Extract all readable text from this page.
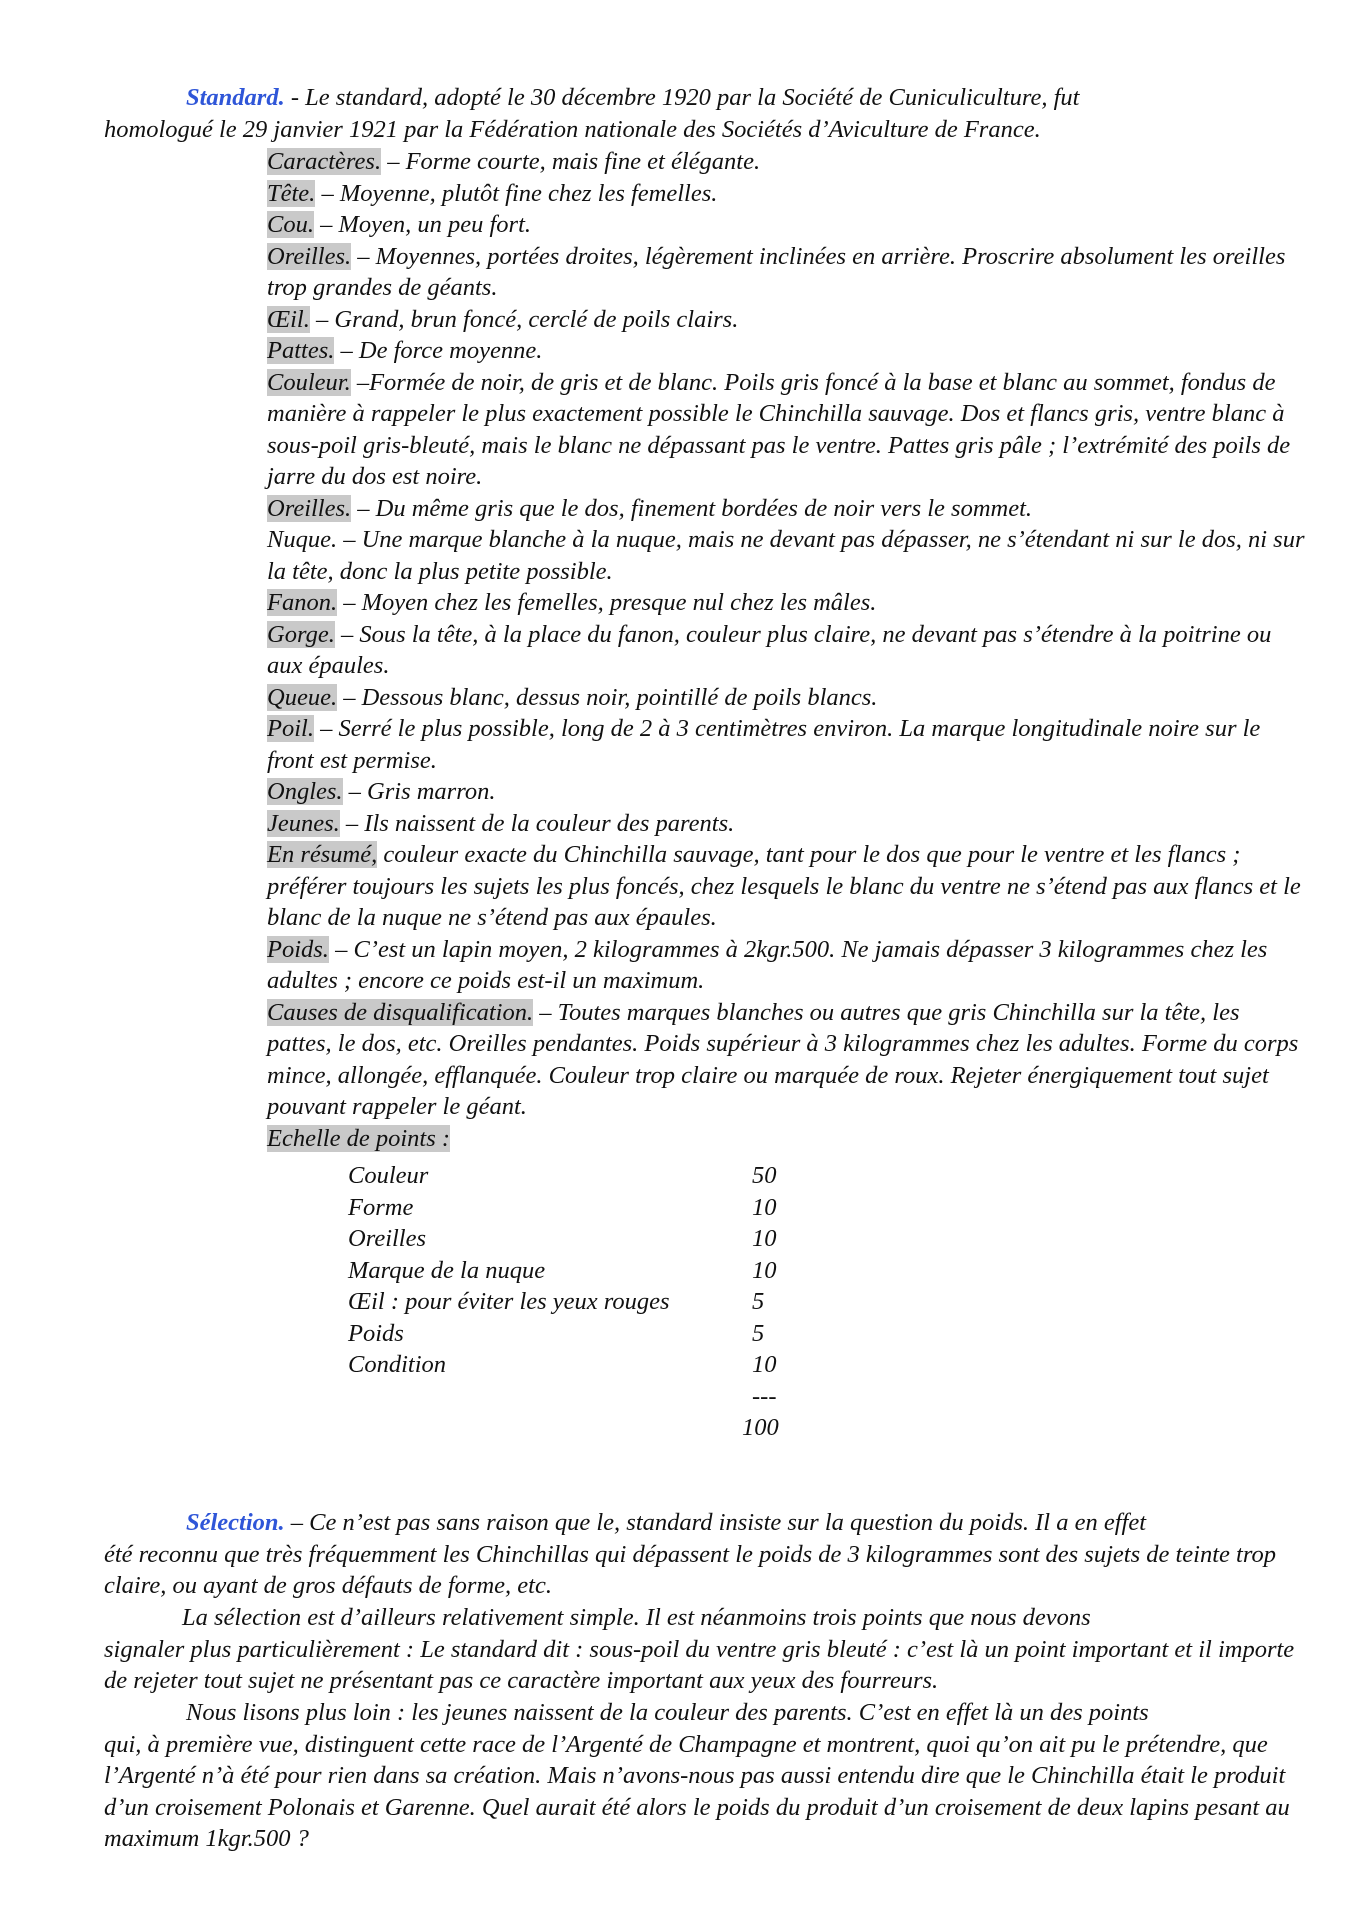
Standard. - Le standard, adopté le 30 décembre 1920 par la Société de Cuniculiculture, fut
homologué le 29 janvier 1921 par la Fédération nationale des Sociétés d’Aviculture de France.
Caractères. – Forme courte, mais fine et élégante.
Tête. – Moyenne, plutôt fine chez les femelles.
Cou. – Moyen, un peu fort.
Oreilles. – Moyennes, portées droites, légèrement inclinées en arrière. Proscrire absolument les oreilles trop grandes de géants.
Œil. – Grand, brun foncé, cerclé de poils clairs.
Pattes. – De force moyenne.
Couleur. –Formée de noir, de gris et de blanc. Poils gris foncé à la base et blanc au sommet, fondus de manière à rappeler le plus exactement possible le Chinchilla sauvage. Dos et flancs gris, ventre blanc à sous-poil gris-bleuté, mais le blanc ne dépassant pas le ventre. Pattes gris pâle ; l’extrémité des poils de jarre du dos est noire.
Oreilles. – Du même gris que le dos, finement bordées de noir vers le sommet.
Nuque. – Une marque blanche à la nuque, mais ne devant pas dépasser, ne s’étendant ni sur le dos, ni sur la tête, donc la plus petite possible.
Fanon. – Moyen chez les femelles, presque nul chez les mâles.
Gorge. – Sous la tête, à la place du fanon, couleur plus claire, ne devant pas s’étendre à la poitrine ou aux épaules.
Queue. – Dessous blanc, dessus noir, pointillé de poils blancs.
Poil. – Serré le plus possible, long de 2 à 3 centimètres environ. La marque longitudinale noire sur le front est permise.
Ongles. – Gris marron.
Jeunes. – Ils naissent de la couleur des parents.
En résumé, couleur exacte du Chinchilla sauvage, tant pour le dos que pour le ventre et les flancs ; préférer toujours les sujets les plus foncés, chez lesquels le blanc du ventre ne s’étend pas aux flancs et le blanc de la nuque ne s’étend pas aux épaules.
Poids. – C’est un lapin moyen, 2 kilogrammes à 2kgr.500. Ne jamais dépasser 3 kilogrammes chez les adultes ; encore ce poids est-il un maximum.
Causes de disqualification. – Toutes marques blanches ou autres que gris Chinchilla sur la tête, les pattes, le dos, etc. Oreilles pendantes. Poids supérieur à 3 kilogrammes chez les adultes. Forme du corps mince, allongée, efflanquée. Couleur trop claire ou marquée de roux. Rejeter énergiquement tout sujet pouvant rappeler le géant.
Echelle de points :
Couleur	50
Forme	10
Oreilles	10
Marque de la nuque	10
Œil : pour éviter les yeux rouges	5
Poids	5
Condition	10
---
100
Sélection. – Ce n’est pas sans raison que le, standard insiste sur la question du poids. Il a en effet
été reconnu que très fréquemment les Chinchillas qui dépassent le poids de 3 kilogrammes sont des sujets de teinte trop claire, ou ayant de gros défauts de forme, etc.
La sélection est d’ailleurs relativement simple. Il est néanmoins trois points que nous devons
signaler plus particulièrement : Le standard dit : sous-poil du ventre gris bleuté : c’est là un point important et il importe de rejeter tout sujet ne présentant pas ce caractère important aux yeux des fourreurs.
Nous lisons plus loin : les jeunes naissent de la couleur des parents. C’est en effet là un des points
qui, à première vue, distinguent cette race de l’Argenté de Champagne et montrent, quoi qu’on ait pu le prétendre, que l’Argenté n’à été pour rien dans sa création. Mais n’avons-nous pas aussi entendu dire que le Chinchilla était le produit d’un croisement Polonais et Garenne. Quel aurait été alors le poids du produit d’un croisement de deux lapins pesant au maximum 1kgr.500 ?
